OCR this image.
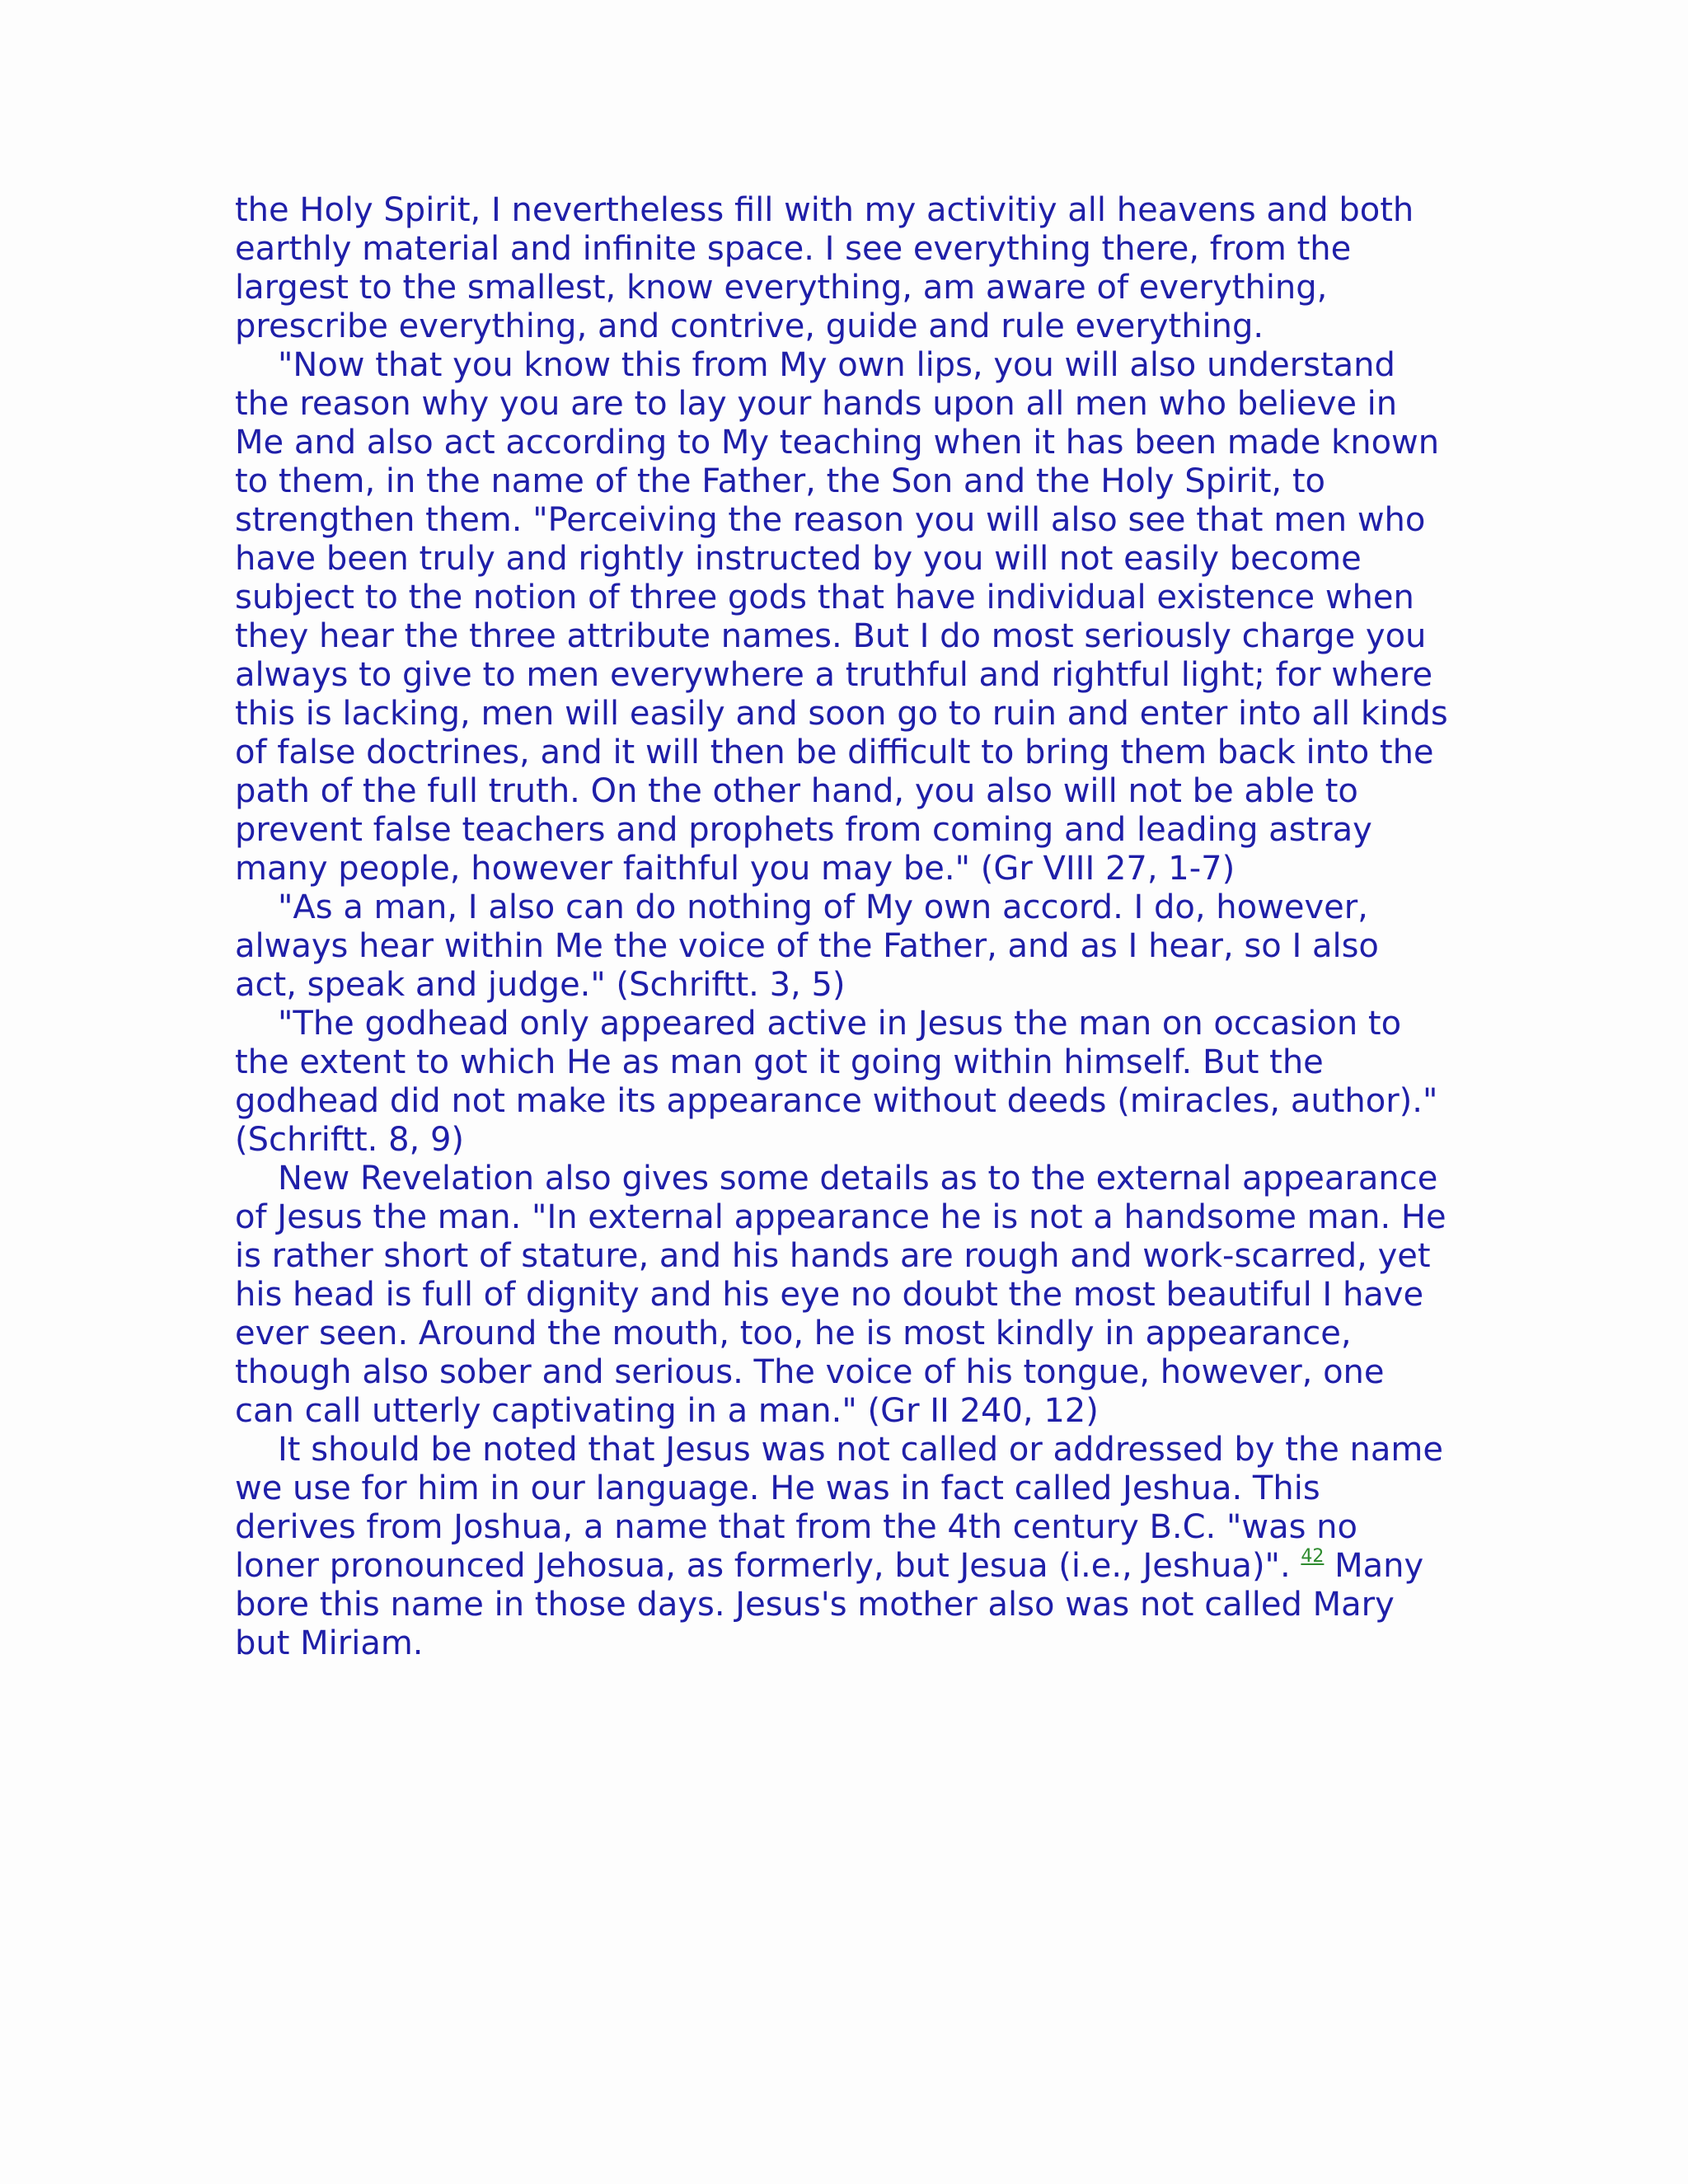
the Holy Spirit, I nevertheless fill with my activitiy all heavens and both
earthly material and infinite space. I see everything there, from the
largest to the smallest, know everything, am aware of everything,
prescribe everything, and contrive, guide and rule everything.

"Now that you know this from My own lips, you will also understand
the reason why you are to lay your hands upon all men who believe in
Me and also act according to My teaching when it has been made known
to them, in the name of the Father, the Son and the Holy Spirit, to
strengthen them. "Perceiving the reason you will also see that men who
have been truly and rightly instructed by you will not easily become
subject to the notion of three gods that have individual existence when
they hear the three attribute names. But I do most seriously charge you
always to give to men everywhere a truthful and rightful light; for where
this is lacking, men will easily and soon go to ruin and enter into all kinds
of false doctrines, and it will then be difficult to bring them back into the
path of the full truth. On the other hand, you also will not be able to
prevent false teachers and prophets from coming and leading astray
many people, however faithful you may be." (Gr VIII 27, 1-7)

"As a man, I also can do nothing of My own accord. I do, however,
always hear within Me the voice of the Father, and as I hear, so I also
act, speak and judge." (Schriftt. 3, 5)

"The godhead only appeared active in Jesus the man on occasion to
the extent to which He as man got it going within himself. But the
godhead did not make its appearance without deeds (miracles, author)."
(Schriftt. 8, 9)

New Revelation also gives some details as to the external appearance
of Jesus the man. "In external appearance he is not a handsome man. He
is rather short of stature, and his hands are rough and work-scarred, yet
his head is full of dignity and his eye no doubt the most beautiful I have
ever seen. Around the mouth, too, he is most kindly in appearance,
though also sober and serious. The voice of his tongue, however, one
can call utterly captivating in a man." (Gr II 240, 12)

It should be noted that Jesus was not called or addressed by the name
we use for him in our language. He was in fact called Jeshua. This
derives from Joshua, a name that from the 4th century B.C. "was no
loner pronounced Jehosua, as formerly, but Jesua (i.e., Jeshua)". $^{42}$ Many
bore this name in those days. Jesus's mother also was not called Mary
but Miriam.
